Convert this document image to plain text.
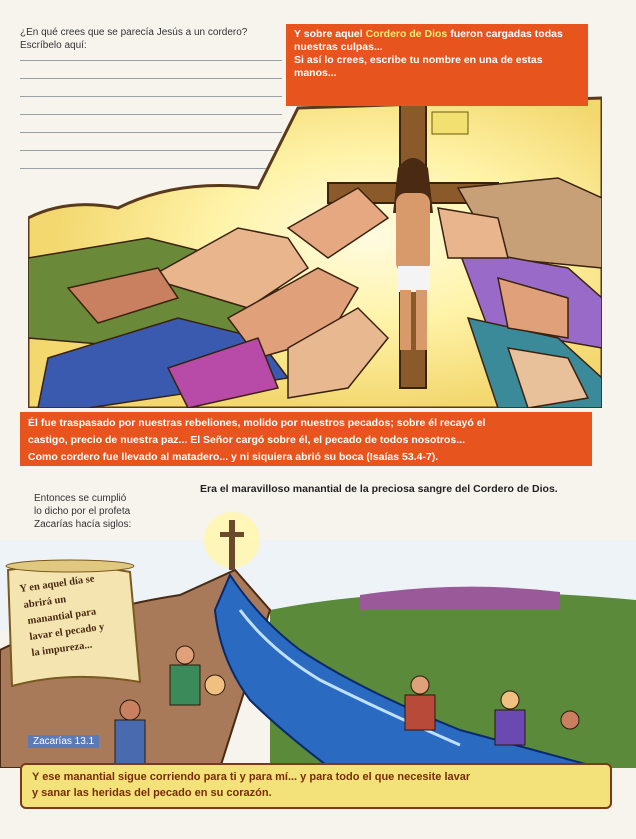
¿En qué crees que se parecía Jesús a un cordero?
Escríbelo aquí:
Y sobre aquel Cordero de Dios fueron cargadas todas nuestras culpas...
Si así lo crees, escribe tu nombre en una de estas manos...
Él fue traspasado por nuestras rebeliones, molido por nuestros pecados; sobre él recayó el
castigo, precio de nuestra paz... El Señor cargó sobre él, el pecado de todos nosotros...
Como cordero fue llevado al matadero... y ni siquiera abrió su boca (Isaías 53.4-7).
Entonces se cumplió lo dicho por el profeta Zacarías hacía siglos:
Era el maravilloso manantial de la preciosa sangre del Cordero de Dios.
Y en aquel día se
abrirá un
manantial para
lavar el pecado y
la impureza...
Zacarías 13.1
Y ese manantial sigue corriendo para ti y para mí... y para todo el que necesite lavar
y sanar las heridas del pecado en su corazón.
